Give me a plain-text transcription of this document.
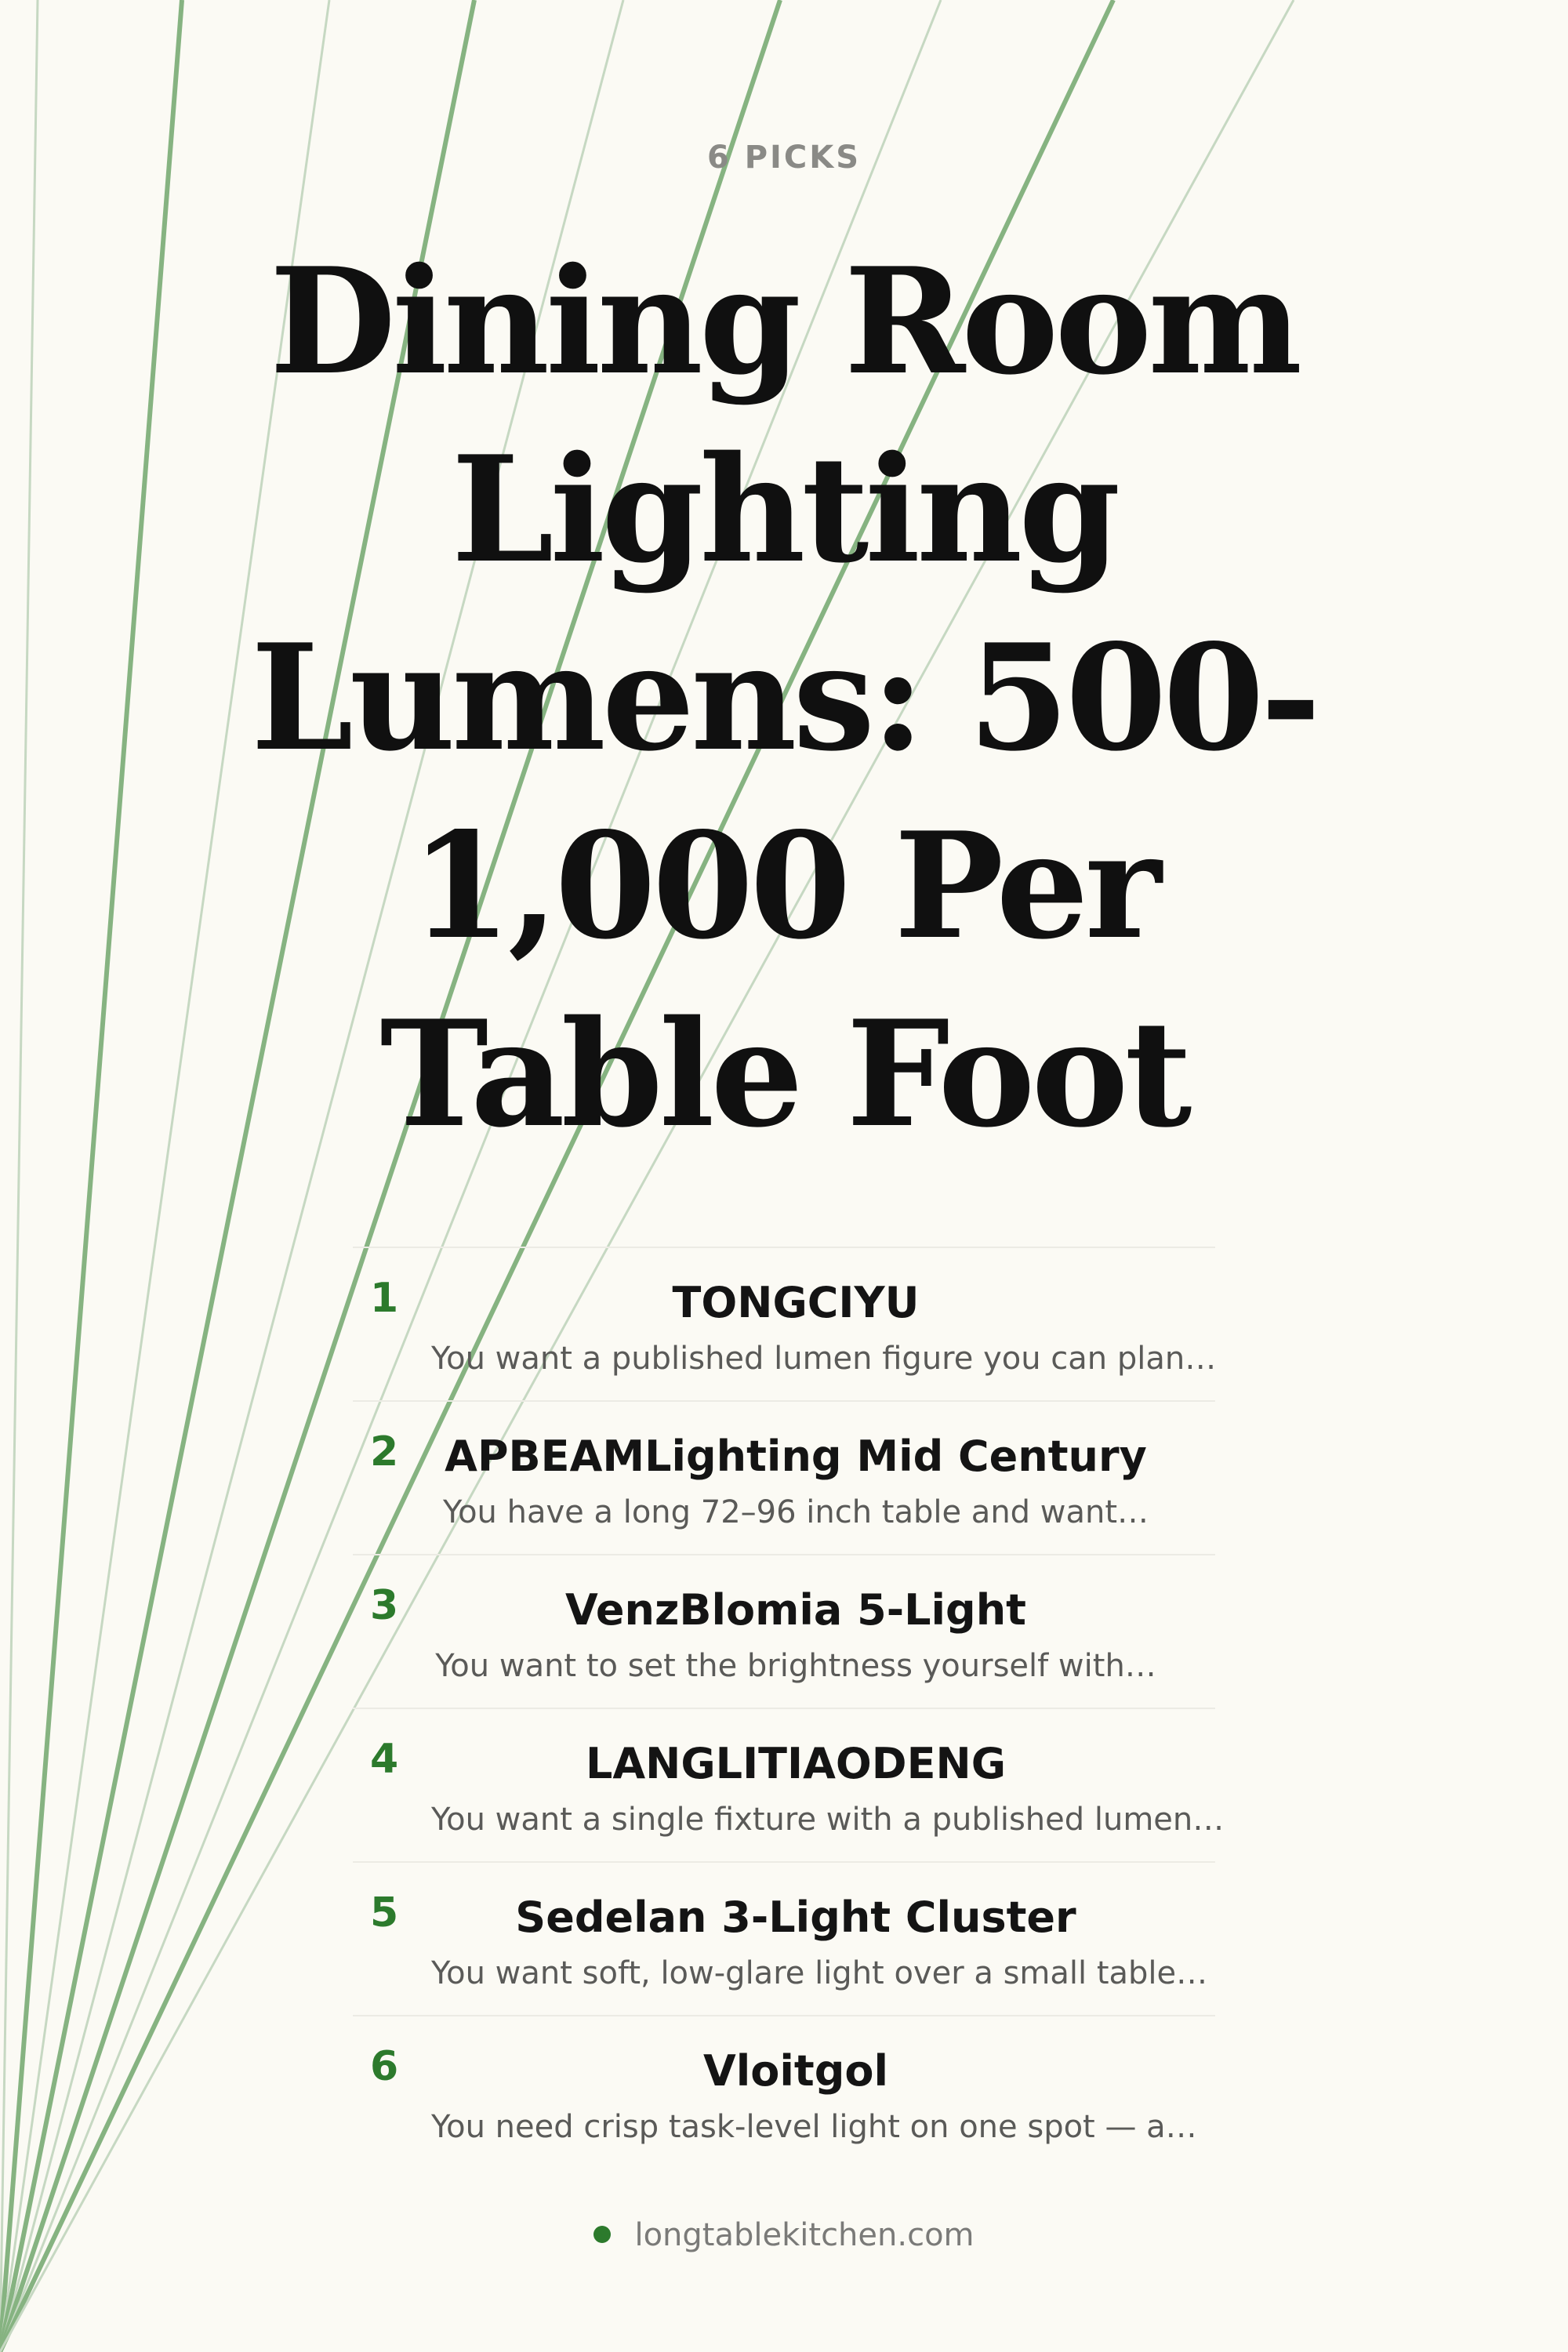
6 PICKS
Dining Room Lighting Lumens: 500-1,000 Per Table Foot
1	TONGCIYU
You want a published lumen figure you can plan…
2	APBEAMLighting Mid Century
You have a long 72–96 inch table and want…
3	VenzBlomia 5-Light
You want to set the brightness yourself with…
4	LANGLITIAODENG
You want a single fixture with a published lumen…
5	Sedelan 3-Light Cluster
You want soft, low-glare light over a small table…
6	Vloitgol
You need crisp task-level light on one spot — a…
longtablekitchen.com
